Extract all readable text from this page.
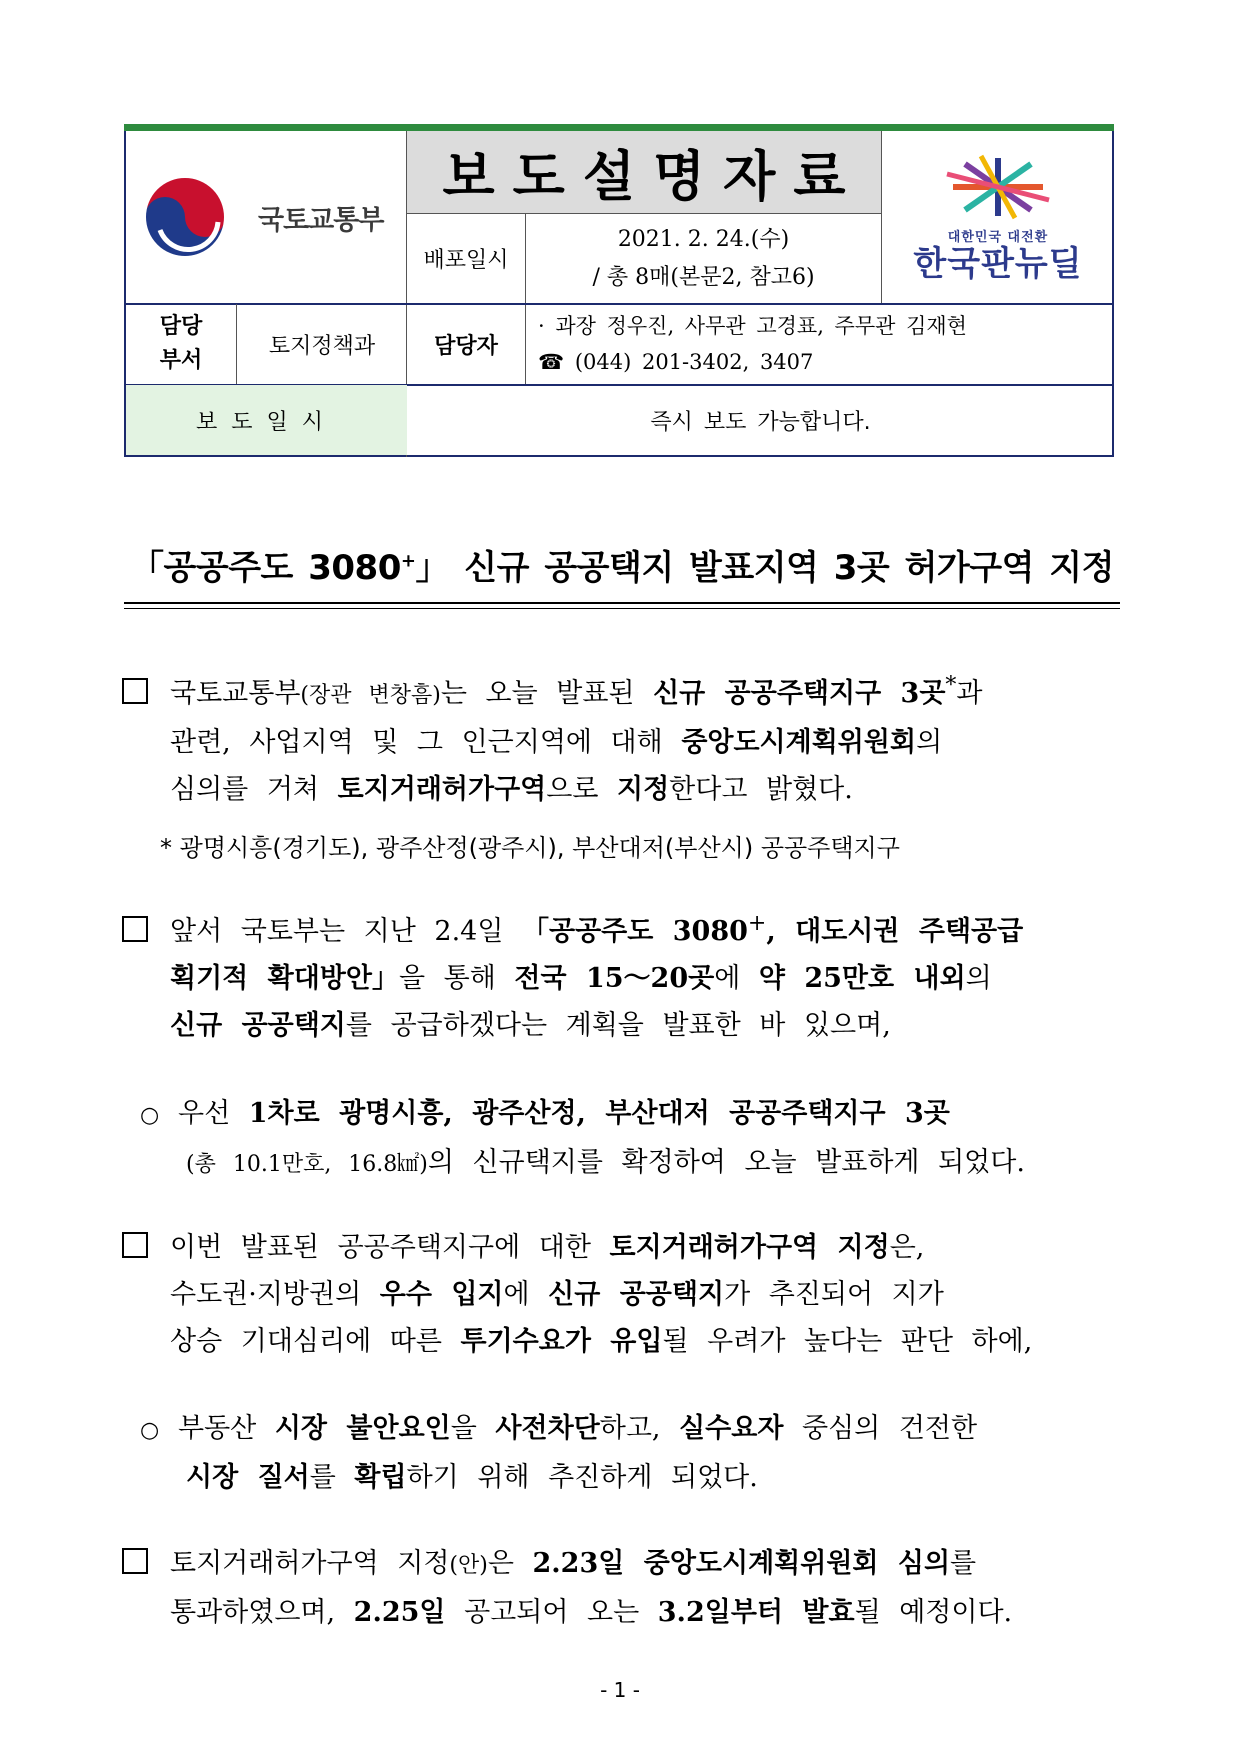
국토교통부
보도설명자료
배포일시
2021. 2. 24.(수)
/ 총 8매(본문2, 참고6)
대한민국 대전환
한국판뉴딜
담당
부서
토지정책과	담당자
· 과장 정우진, 사무관 고경표, 주무관 김재현
☎ (044) 201-3402, 3407
보도일시	즉시 보도 가능합니다.
「공공주도 3080+」 신규 공공택지 발표지역 3곳 허가구역 지정
국토교통부(장관 변창흠)는 오늘 발표된 신규 공공주택지구 3곳*과
관련, 사업지역 및 그 인근지역에 대해 중앙도시계획위원회의
심의를 거쳐 토지거래허가구역으로 지정한다고 밝혔다.
* 광명시흥(경기도), 광주산정(광주시), 부산대저(부산시) 공공주택지구
앞서 국토부는 지난 2.4일 「공공주도 3080+, 대도시권 주택공급
획기적 확대방안」을 통해 전국 15～20곳에 약 25만호 내외의
신규 공공택지를 공급하겠다는 계획을 발표한 바 있으며,
○ 우선 1차로 광명시흥, 광주산정, 부산대저 공공주택지구 3곳
(총 10.1만호, 16.8㎢)의 신규택지를 확정하여 오늘 발표하게 되었다.
이번 발표된 공공주택지구에 대한 토지거래허가구역 지정은,
수도권·지방권의 우수 입지에 신규 공공택지가 추진되어 지가
상승 기대심리에 따른 투기수요가 유입될 우려가 높다는 판단 하에,
○ 부동산 시장 불안요인을 사전차단하고, 실수요자 중심의 건전한
시장 질서를 확립하기 위해 추진하게 되었다.
토지거래허가구역 지정(안)은 2.23일 중앙도시계획위원회 심의를
통과하였으며, 2.25일 공고되어 오는 3.2일부터 발효될 예정이다.
- 1 -
